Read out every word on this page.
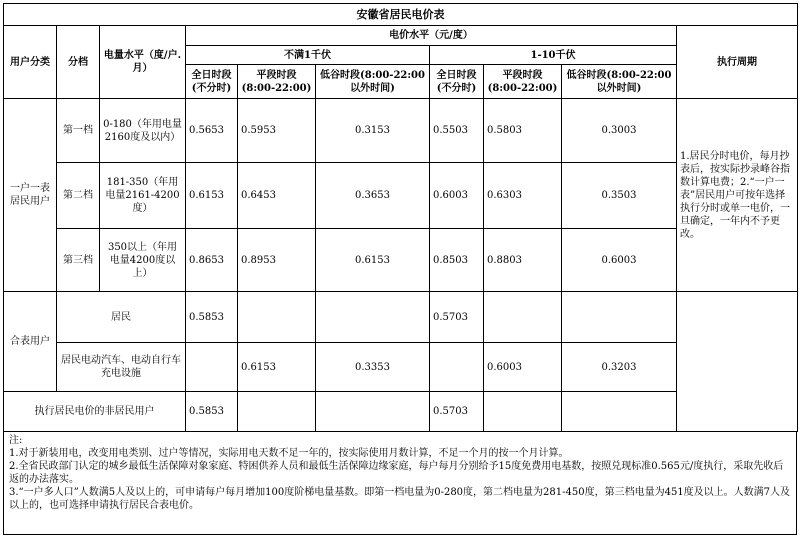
安徽省居民电价表									
用户分类	分档	电量水平（度/户.月）	电价水平（元/度）						执行周期
			不满1千伏			1-10千伏			
			全日时段(不分时)	平段时段(8:00-22:00)	低谷时段(8:00-22:00以外时间)	全日时段(不分时)	平段时段(8:00-22:00)	低谷时段(8:00-22:00以外时间)	
一户一表居民用户	第一档	0-180（年用电量2160度及以内）	0.5653	0.5953	0.3153	0.5503	0.5803	0.3003	1.居民分时电价，每月抄表后，按实际抄录峰谷指数计算电费；2.“一户一表”居民用户可按年选择执行分时或单一电价，一旦确定，一年内不予更改。
	第二档	181-350（年用电量2161-4200度）	0.6153	0.6453	0.3653	0.6003	0.6303	0.3503	
	第三档	350以上（年用电量4200度以上）	0.8653	0.8953	0.6153	0.8503	0.8803	0.6003	
合表用户	居民		0.5853			0.5703			
	居民电动汽车、电动自行车充电设施			0.6153	0.3353		0.6003	0.3203	
执行居民电价的非居民用户			0.5853			0.5703			
注:
1.对于新装用电，改变用电类别、过户等情况，实际用电天数不足一年的，按实际使用月数计算，不足一个月的按一个月计算。
2.全省民政部门认定的城乡最低生活保障对象家庭、特困供养人员和最低生活保障边缘家庭，每户每月分别给予15度免费用电基数，按照兑现标准0.565元/度执行，采取先收后返的办法落实。
3.“一户多人口”人数满5人及以上的，可申请每户每月增加100度阶梯电量基数。即第一档电量为0-280度，第二档电量为281-450度，第三档电量为451度及以上。人数满7人及以上的，也可选择申请执行居民合表电价。
